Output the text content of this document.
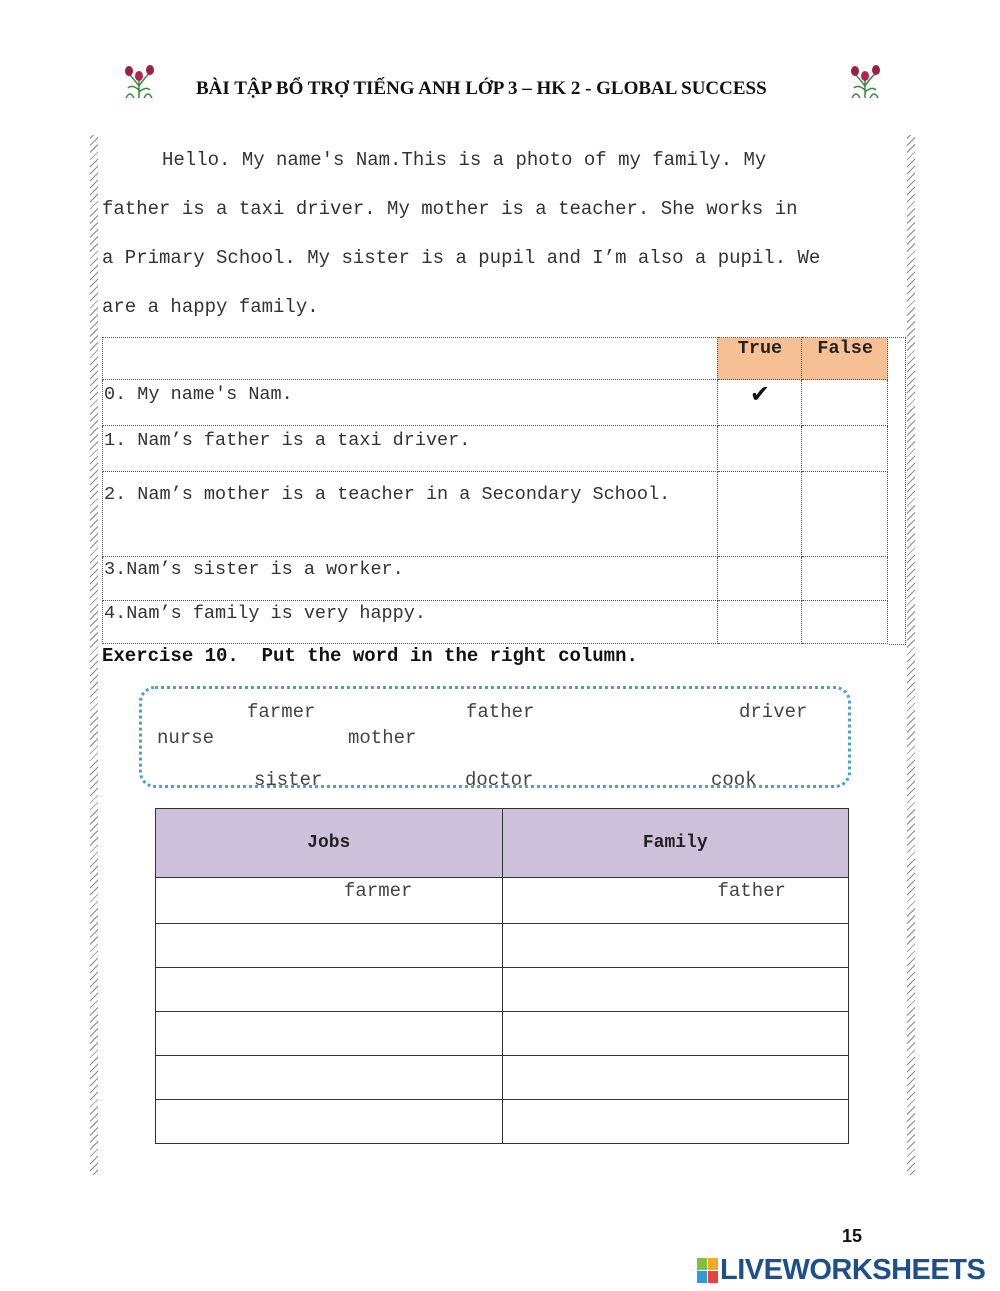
BÀI TẬP BỔ TRỢ TIẾNG ANH LỚP 3 – HK 2 - GLOBAL SUCCESS
Hello. My name's Nam.This is a photo of my family. My
father is a taxi driver. My mother is a teacher. She works in
a Primary School. My sister is a pupil and I’m also a pupil. We
are a happy family.
	True	False
0. My name's Nam.	✔	
1. Nam’s father is a taxi driver.		
2. Nam’s mother is a teacher in a Secondary School.		
3.Nam’s sister is a worker.		
4.Nam’s family is very happy.		
Exercise 10.  Put the word in the right column.
farmer	father	driver
nurse	mother
sister	doctor	cook
Jobs	Family
farmer	father

15
LIVEWORKSHEETS
